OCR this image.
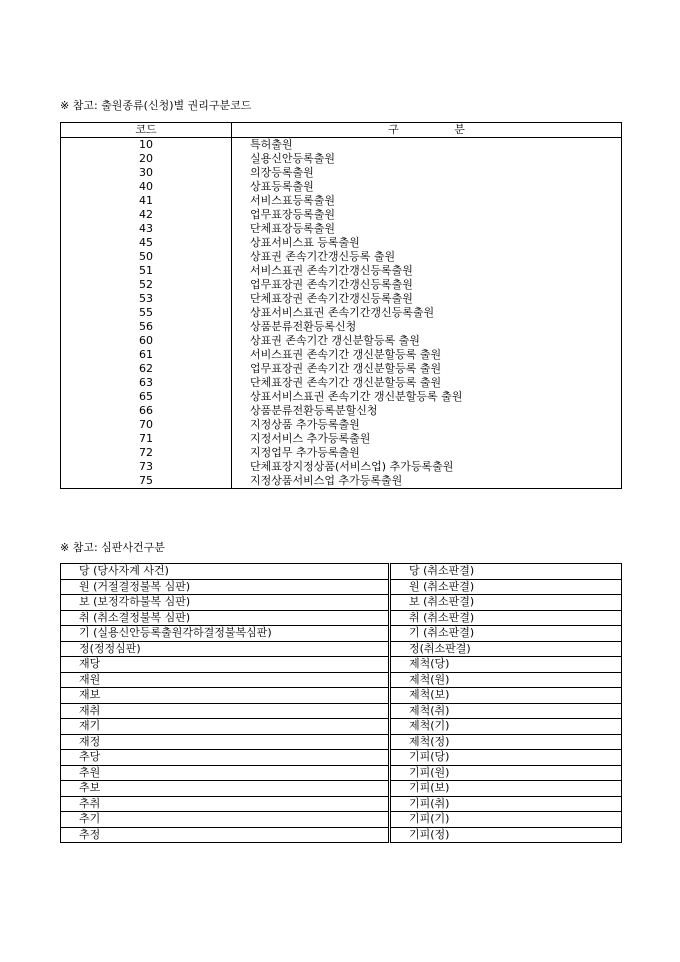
※ 참고: 출원종류(신청)별 권리구분코드
코드	구 분
10	특허출원
20	실용신안등록출원
30	의장등록출원
40	상표등록출원
41	서비스표등록출원
42	업무표장등록출원
43	단체표장등록출원
45	상표서비스표 등록출원
50	상표권 존속기간갱신등록 출원
51	서비스표권 존속기간갱신등록출원
52	업무표장권 존속기간갱신등록출원
53	단체표장권 존속기간갱신등록출원
55	상표서비스표권 존속기간갱신등록출원
56	상품분류전환등록신청
60	상표권 존속기간 갱신분할등록 출원
61	서비스표권 존속기간 갱신분할등록 출원
62	업무표장권 존속기간 갱신분할등록 출원
63	단체표장권 존속기간 갱신분할등록 출원
65	상표서비스표권 존속기간 갱신분할등록 출원
66	상품분류전환등록분할신청
70	지정상품 추가등록출원
71	지정서비스 추가등록출원
72	지정업무 추가등록출원
73	단체표장지정상품(서비스업) 추가등록출원
75	지정상품서비스업 추가등록출원
※ 참고: 심판사건구분
당 (당사자계 사건)	당 (취소판결)
원 (거절결정불복 심판)	원 (취소판결)
보 (보정각하불복 심판)	보 (취소판결)
취 (취소결정불복 심판)	취 (취소판결)
기 (실용신안등록출원각하결정불복심판)	기 (취소판결)
정(정정심판)	정(취소판결)
재당	제척(당)
재원	제척(원)
재보	제척(보)
재취	제척(취)
재기	제척(기)
재정	제척(정)
추당	기피(당)
추원	기피(원)
추보	기피(보)
추취	기피(취)
추기	기피(기)
추정	기피(정)
